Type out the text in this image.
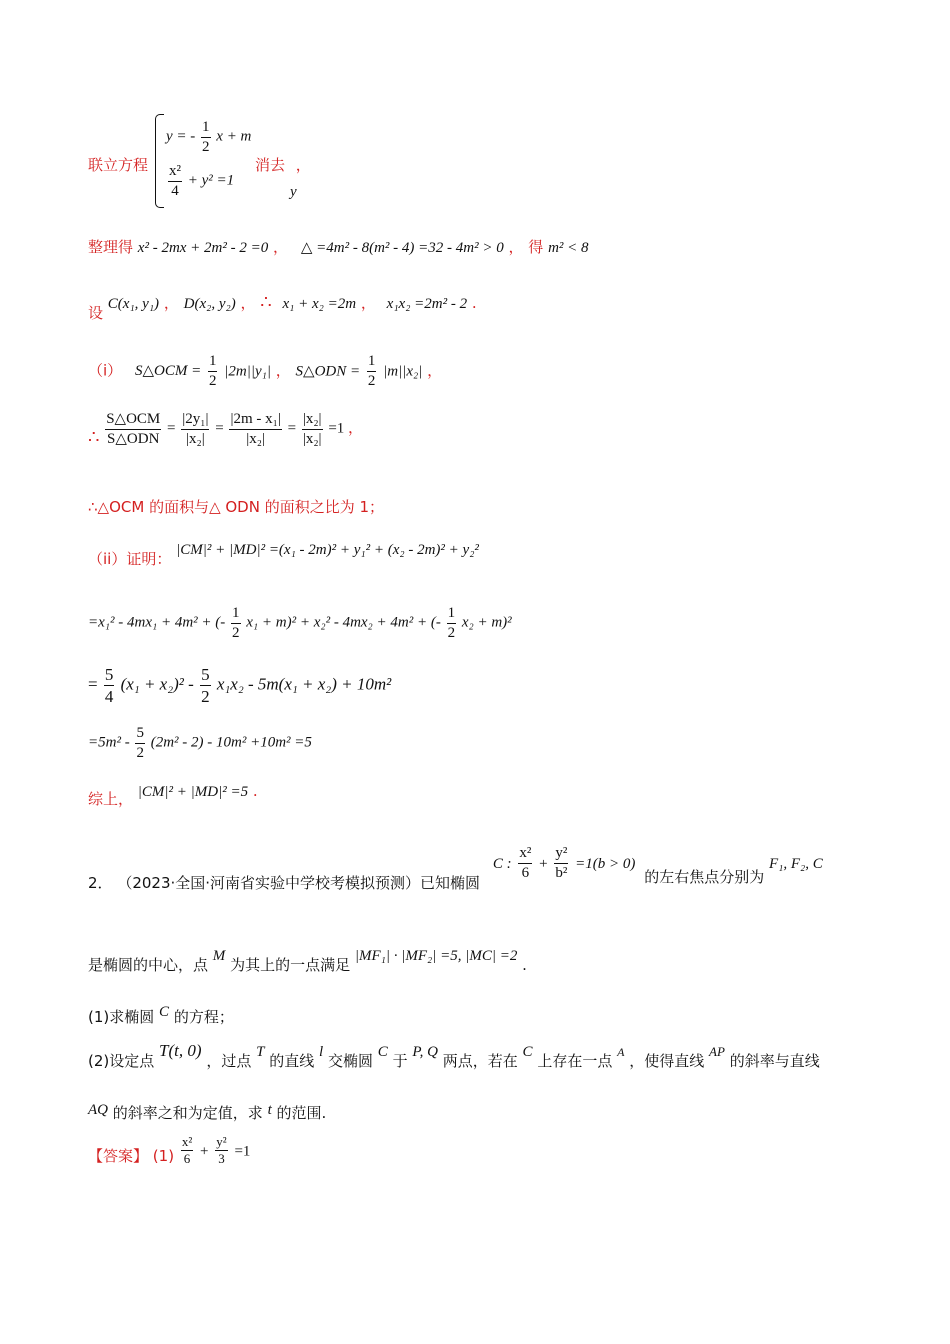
联立方程
y = - $\frac{1}{2}$ x + m
$\frac{\text{x²}}{4} + y^2 =1$
消去 ，
y
整理得 x² - 2mx + 2m² - 2 =0 ， △ =4m² - 8(m² - 4) =32 - 4m² > 0 ， 得 m² < 8
设 C(x₁, y₁) ， D(x₂, y₂) ， ∴ x₁ + x₂ =2m ， x₁x₂ =2m² - 2 .
（i） S△OCM = $\frac{1}{2} |2m||y_1|$ ， S△ODN = $\frac{1}{2} |m||x_2|$ ，
∴ $\frac{\text{S△OCM}}{\text{S△ODN}} = \frac{\text{|2y₁|}}{\text{|x₂|}} = \frac{\text{|2m - x₁|}}{\text{|x₂|}} = \frac{\text{|x₂|}}{\text{|x₂|}} =1$ ，
∴△OCM 的面积与△ ODN 的面积之比为 1；
（ii）证明： |CM|² + |MD|² =(x₁ - 2m)² + y₁² + (x₂ - 2m)² + y₂²
=x₁² - 4mx₁ + 4m² + (- $\frac{1}{2} x_1 + m)^2 + x_2^2 - 4mx_2 + 4m^2$ + (- $\frac{1}{2} x_2 + m)^2$
= $\frac{5}{4} (x_1 + x_2)^2 - \frac{5}{2} x_1x_2 - 5m(x_1 + x_2) + 10m^2$
$=5m^2 - \frac{5}{2} (2m^2 - 2) - 10m^2 +10m^2 =5$
综上， |CM|² + |MD|² =5 .
2． （2023·全国·河南省实验中学校考模拟预测）已知椭圆 C : $\frac{\text{x²}}{6} + \frac{\text{y²}}{\text{b²}} =1(b > 0)$ 的左右焦点分别为 F₁, F₂, C
是椭圆的中心，点 M 为其上的一点满足 |MF₁| · |MF₂| =5, |MC| =2 .
(1)求椭圆 C 的方程；
(2)设定点 T(t, 0) ，过点 T 的直线 l 交椭圆 C 于 P, Q 两点，若在 C 上存在一点 A ，使得直线 AP 的斜率与直线
AQ 的斜率之和为定值，求 t 的范围.
【答案】 $(1) \frac{\text{x²}}{6} + \frac{\text{y²}}{3} =1$
